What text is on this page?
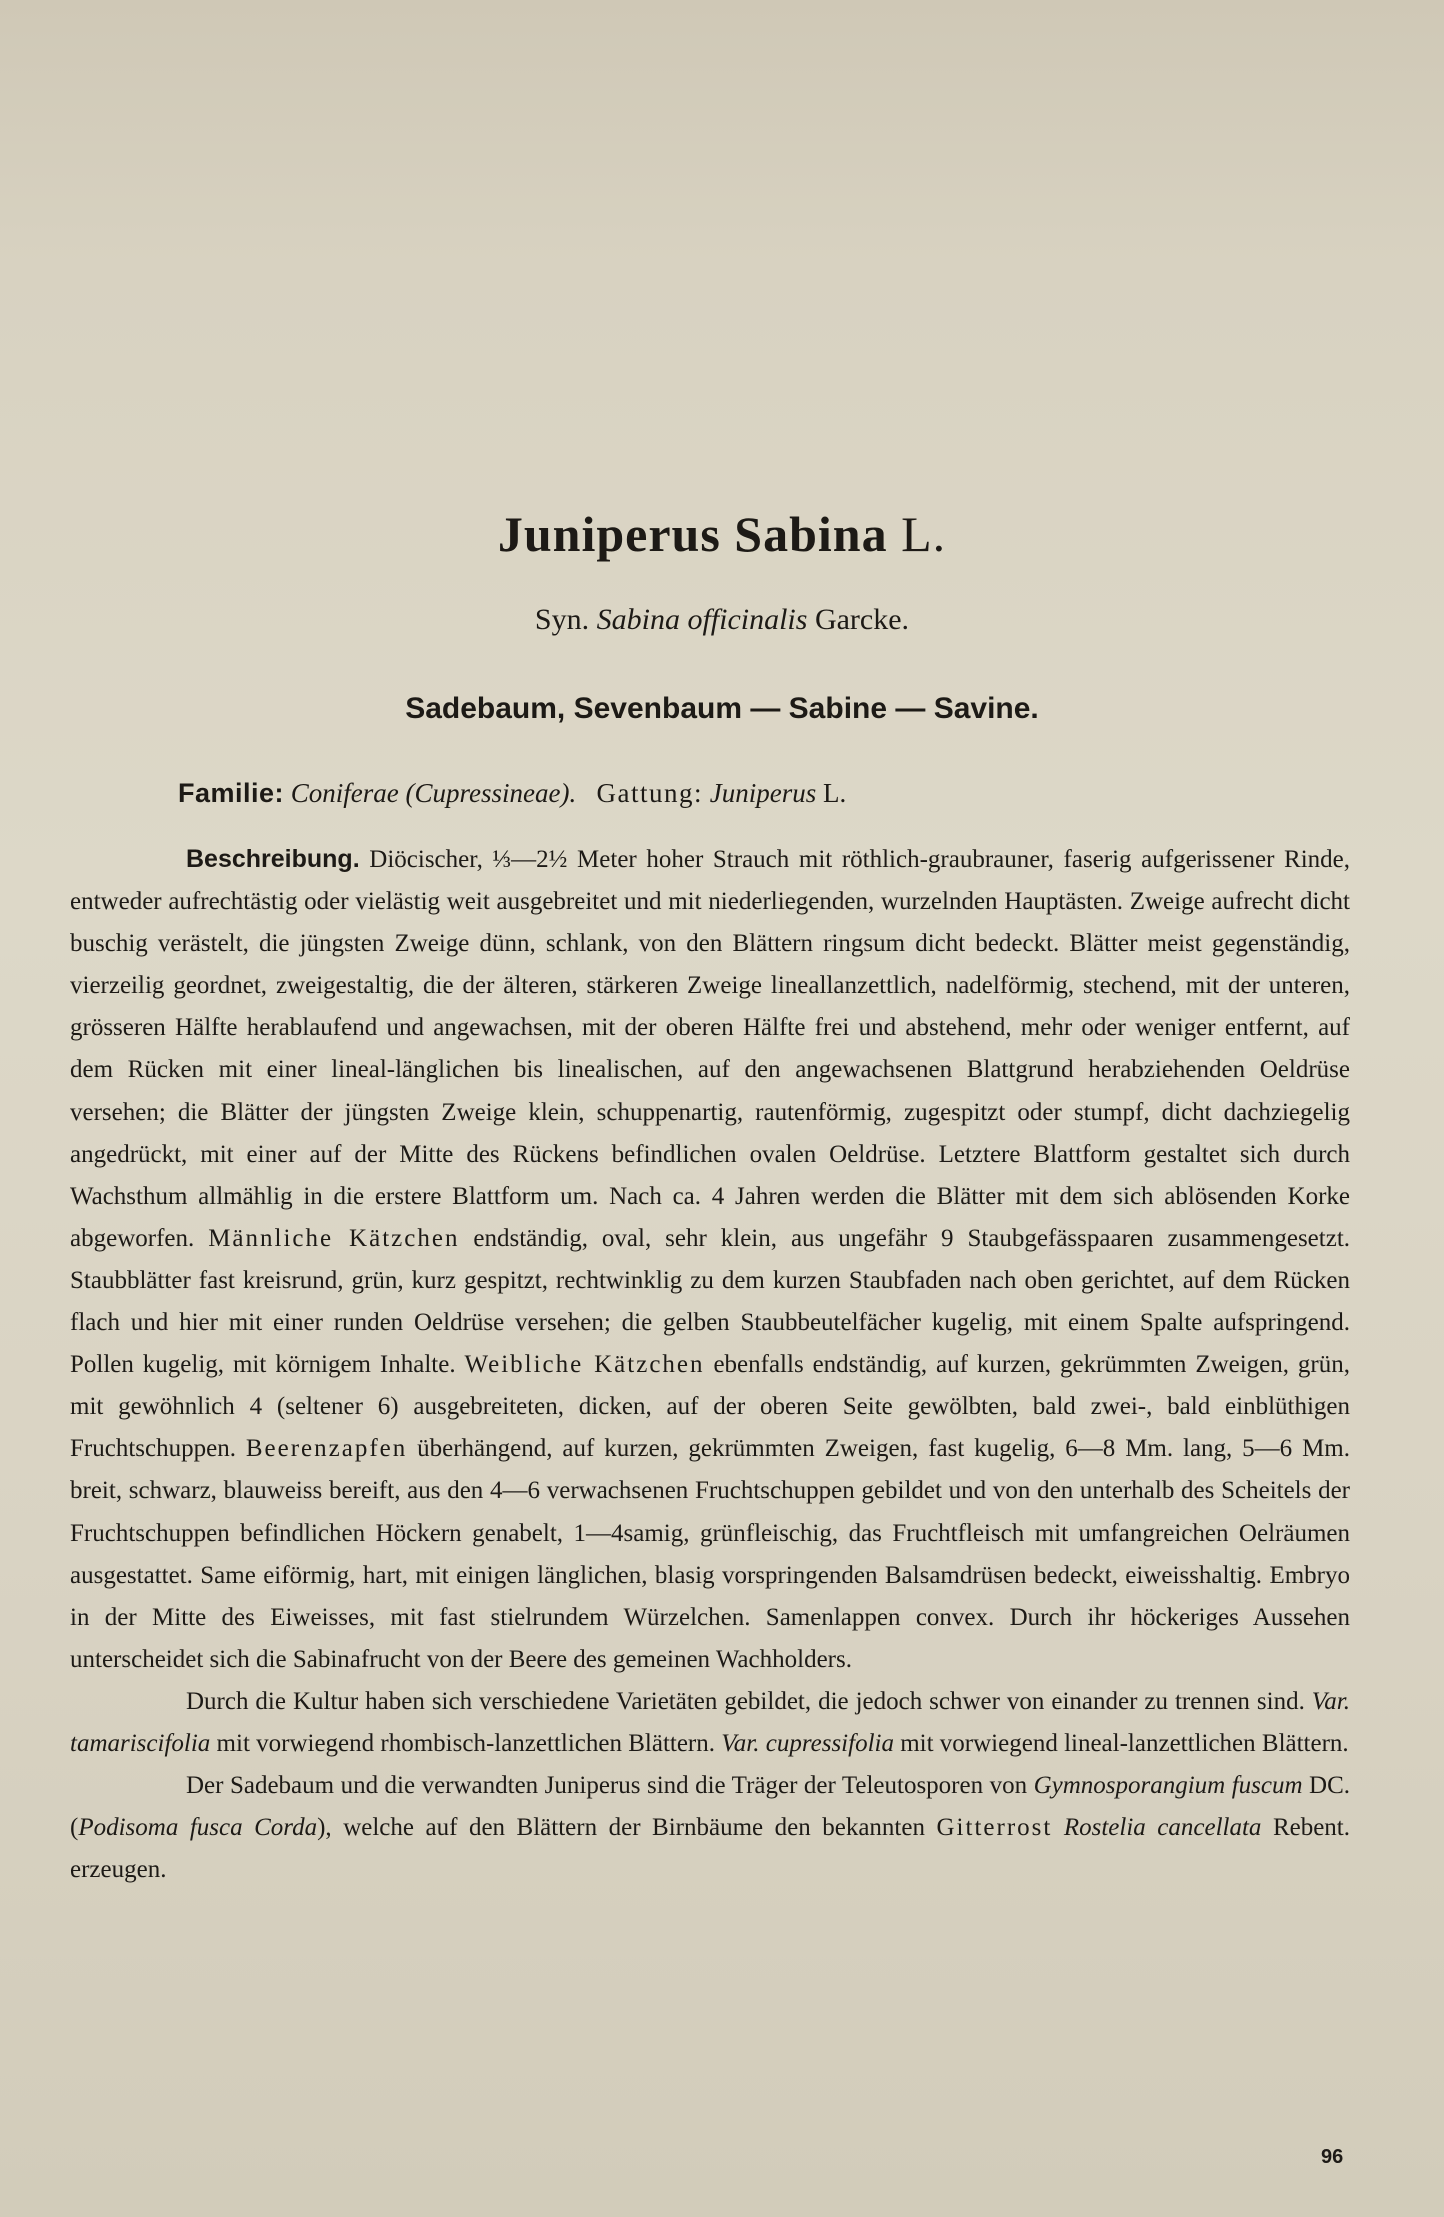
Juniperus Sabina L.
Syn. Sabina officinalis Garcke.
Sadebaum, Sevenbaum — Sabine — Savine.
Familie: Coniferae (Cupressineae). Gattung: Juniperus L.

Beschreibung. Diöcischer, ⅓—2½ Meter hoher Strauch mit röthlich-graubrauner, faserig aufgerissener Rinde, entweder aufrechtästig oder vielästig weit ausgebreitet und mit niederliegenden, wurzelnden Hauptästen. Zweige aufrecht dicht buschig verästelt, die jüngsten Zweige dünn, schlank, von den Blättern ringsum dicht bedeckt. Blätter meist gegenständig, vierzeilig geordnet, zweigestaltig, die der älteren, stärkeren Zweige lineallanzettlich, nadelförmig, stechend, mit der unteren, grösseren Hälfte herablaufend und angewachsen, mit der oberen Hälfte frei und abstehend, mehr oder weniger entfernt, auf dem Rücken mit einer lineal-länglichen bis linealischen, auf den angewachsenen Blattgrund herabziehenden Oeldrüse versehen; die Blätter der jüngsten Zweige klein, schuppenartig, rautenförmig, zugespitzt oder stumpf, dicht dachziegelig angedrückt, mit einer auf der Mitte des Rückens befindlichen ovalen Oeldrüse. Letztere Blattform gestaltet sich durch Wachsthum allmählig in die erstere Blattform um. Nach ca. 4 Jahren werden die Blätter mit dem sich ablösenden Korke abgeworfen. Männliche Kätzchen endständig, oval, sehr klein, aus ungefähr 9 Staubgefässpaaren zusammengesetzt. Staubblätter fast kreisrund, grün, kurz gespitzt, rechtwinklig zu dem kurzen Staubfaden nach oben gerichtet, auf dem Rücken flach und hier mit einer runden Oeldrüse versehen; die gelben Staubbeutelfächer kugelig, mit einem Spalte aufspringend. Pollen kugelig, mit körnigem Inhalte. Weibliche Kätzchen ebenfalls endständig, auf kurzen, gekrümmten Zweigen, grün, mit gewöhnlich 4 (seltener 6) ausgebreiteten, dicken, auf der oberen Seite gewölbten, bald zwei-, bald einblüthigen Fruchtschuppen. Beerenzapfen überhängend, auf kurzen, gekrümmten Zweigen, fast kugelig, 6—8 Mm. lang, 5—6 Mm. breit, schwarz, blauweiss bereift, aus den 4—6 verwachsenen Fruchtschuppen gebildet und von den unterhalb des Scheitels der Fruchtschuppen befindlichen Höckern genabelt, 1—4samig, grünfleischig, das Fruchtfleisch mit umfangreichen Oelräumen ausgestattet. Same eiförmig, hart, mit einigen länglichen, blasig vorspringenden Balsamdrüsen bedeckt, eiweisshaltig. Embryo in der Mitte des Eiweisses, mit fast stielrundem Würzelchen. Samenlappen convex. Durch ihr höckeriges Aussehen unterscheidet sich die Sabinafrucht von der Beere des gemeinen Wachholders.

Durch die Kultur haben sich verschiedene Varietäten gebildet, die jedoch schwer von einander zu trennen sind. Var. tamariscifolia mit vorwiegend rhombisch-lanzettlichen Blättern. Var. cupressifolia mit vorwiegend lineal-lanzettlichen Blättern.

Der Sadebaum und die verwandten Juniperus sind die Träger der Teleutosporen von Gymnosporangium fuscum DC. (Podisoma fusca Corda), welche auf den Blättern der Birnbäume den bekannten Gitterrost Rostelia cancellata Rebent. erzeugen.

96
